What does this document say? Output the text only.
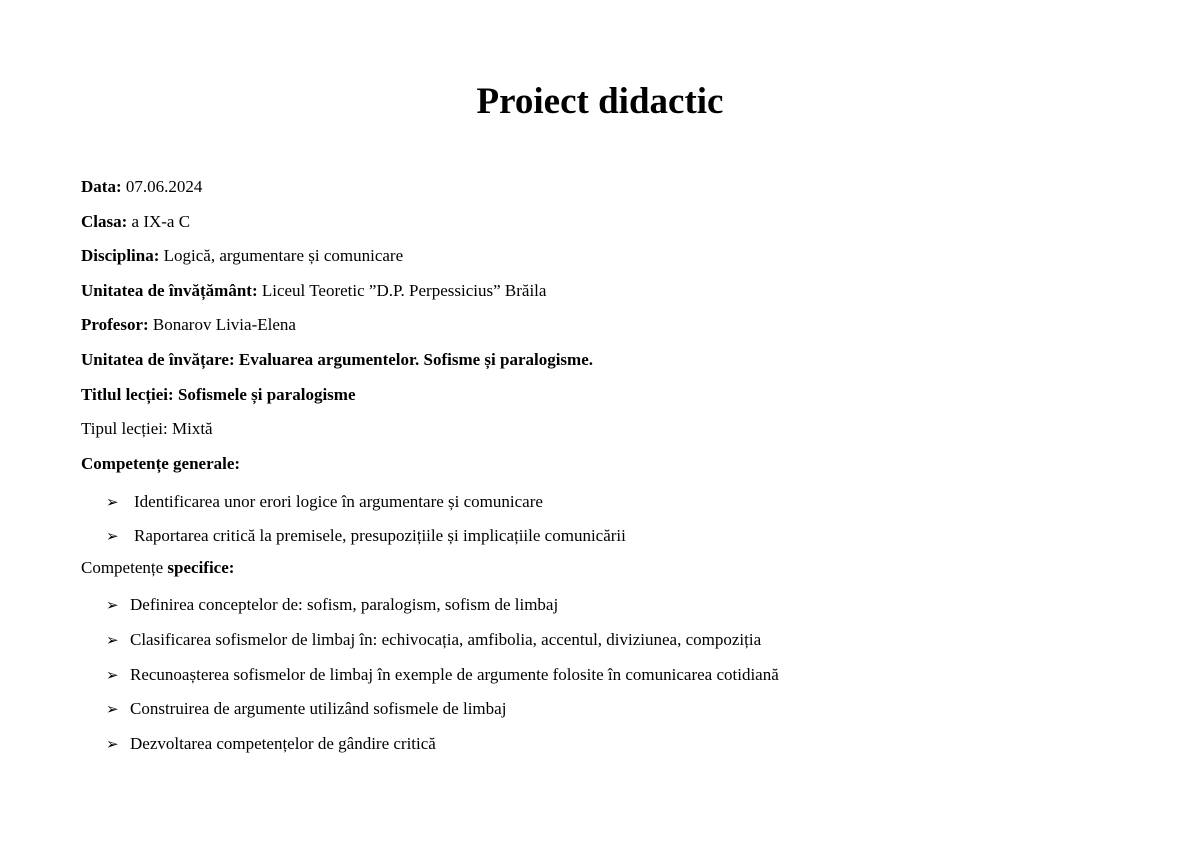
Proiect didactic
Data: 07.06.2024
Clasa: a IX-a C
Disciplina: Logică, argumentare și comunicare
Unitatea de învățământ: Liceul Teoretic ”D.P. Perpessicius” Brăila
Profesor: Bonarov Livia-Elena
Unitatea de învățare: Evaluarea argumentelor. Sofisme și paralogisme.
Titlul lecției: Sofismele și paralogisme
Tipul lecției: Mixtă
Competențe generale:
➢ Identificarea unor erori logice în argumentare și comunicare
➢ Raportarea critică la premisele, presupozițiile și implicațiile comunicării
Competențe specifice:
➢ Definirea conceptelor de: sofism, paralogism, sofism de limbaj
➢ Clasificarea sofismelor de limbaj în: echivocația, amfibolia, accentul, diviziunea, compoziția
➢ Recunoașterea sofismelor de limbaj în exemple de argumente folosite în comunicarea cotidiană
➢ Construirea de argumente utilizând sofismele de limbaj
➢ Dezvoltarea competențelor de gândire critică
